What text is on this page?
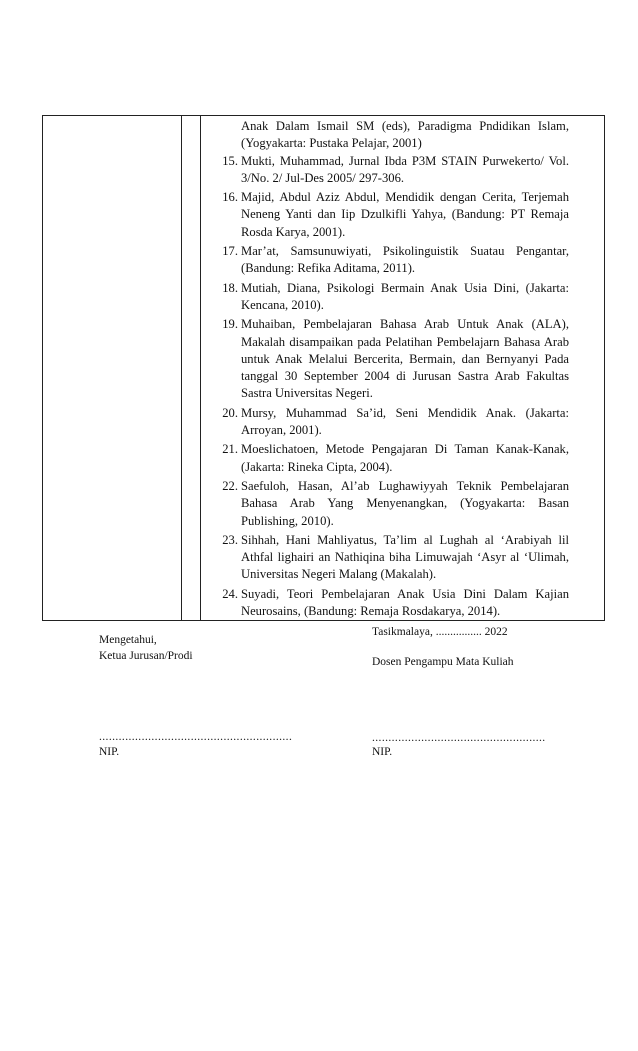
Anak Dalam Ismail SM (eds), Paradigma Pndidikan Islam, (Yogyakarta: Pustaka Pelajar, 2001)
15. Mukti, Muhammad, Jurnal Ibda P3M STAIN Purwekerto/ Vol. 3/No. 2/ Jul-Des 2005/ 297-306.
16. Majid, Abdul Aziz Abdul, Mendidik dengan Cerita, Terjemah Neneng Yanti dan Iip Dzulkifli Yahya, (Bandung: PT Remaja Rosda Karya, 2001).
17. Mar’at, Samsunuwiyati, Psikolinguistik Suatau Pengantar, (Bandung: Refika Aditama, 2011).
18. Mutiah, Diana, Psikologi Bermain Anak Usia Dini, (Jakarta: Kencana, 2010).
19. Muhaiban, Pembelajaran Bahasa Arab Untuk Anak (ALA), Makalah disampaikan pada Pelatihan Pembelajarn Bahasa Arab untuk Anak Melalui Bercerita, Bermain, dan Bernyanyi Pada tanggal 30 September 2004 di Jurusan Sastra Arab Fakultas Sastra Universitas Negeri.
20. Mursy, Muhammad Sa’id, Seni Mendidik Anak. (Jakarta: Arroyan, 2001).
21. Moeslichatoen, Metode Pengajaran Di Taman Kanak-Kanak, (Jakarta: Rineka Cipta, 2004).
22. Saefuloh, Hasan, Al’ab Lughawiyyah Teknik Pembelajaran Bahasa Arab Yang Menyenangkan, (Yogyakarta: Basan Publishing, 2010).
23. Sihhah, Hani Mahliyatus, Ta’lim al Lughah al ‘Arabiyah lil Athfal lighairi an Nathiqina biha Limuwajah ‘Asyr al ‘Ulimah, Universitas Negeri Malang (Makalah).
24. Suyadi, Teori Pembelajaran Anak Usia Dini Dalam Kajian Neurosains, (Bandung: Remaja Rosdakarya, 2014).
Mengetahui,
Ketua Jurusan/Prodi
...........................................................
NIP.
Tasikmalaya, ................ 2022
Dosen Pengampu Mata Kuliah
.....................................................
NIP.
